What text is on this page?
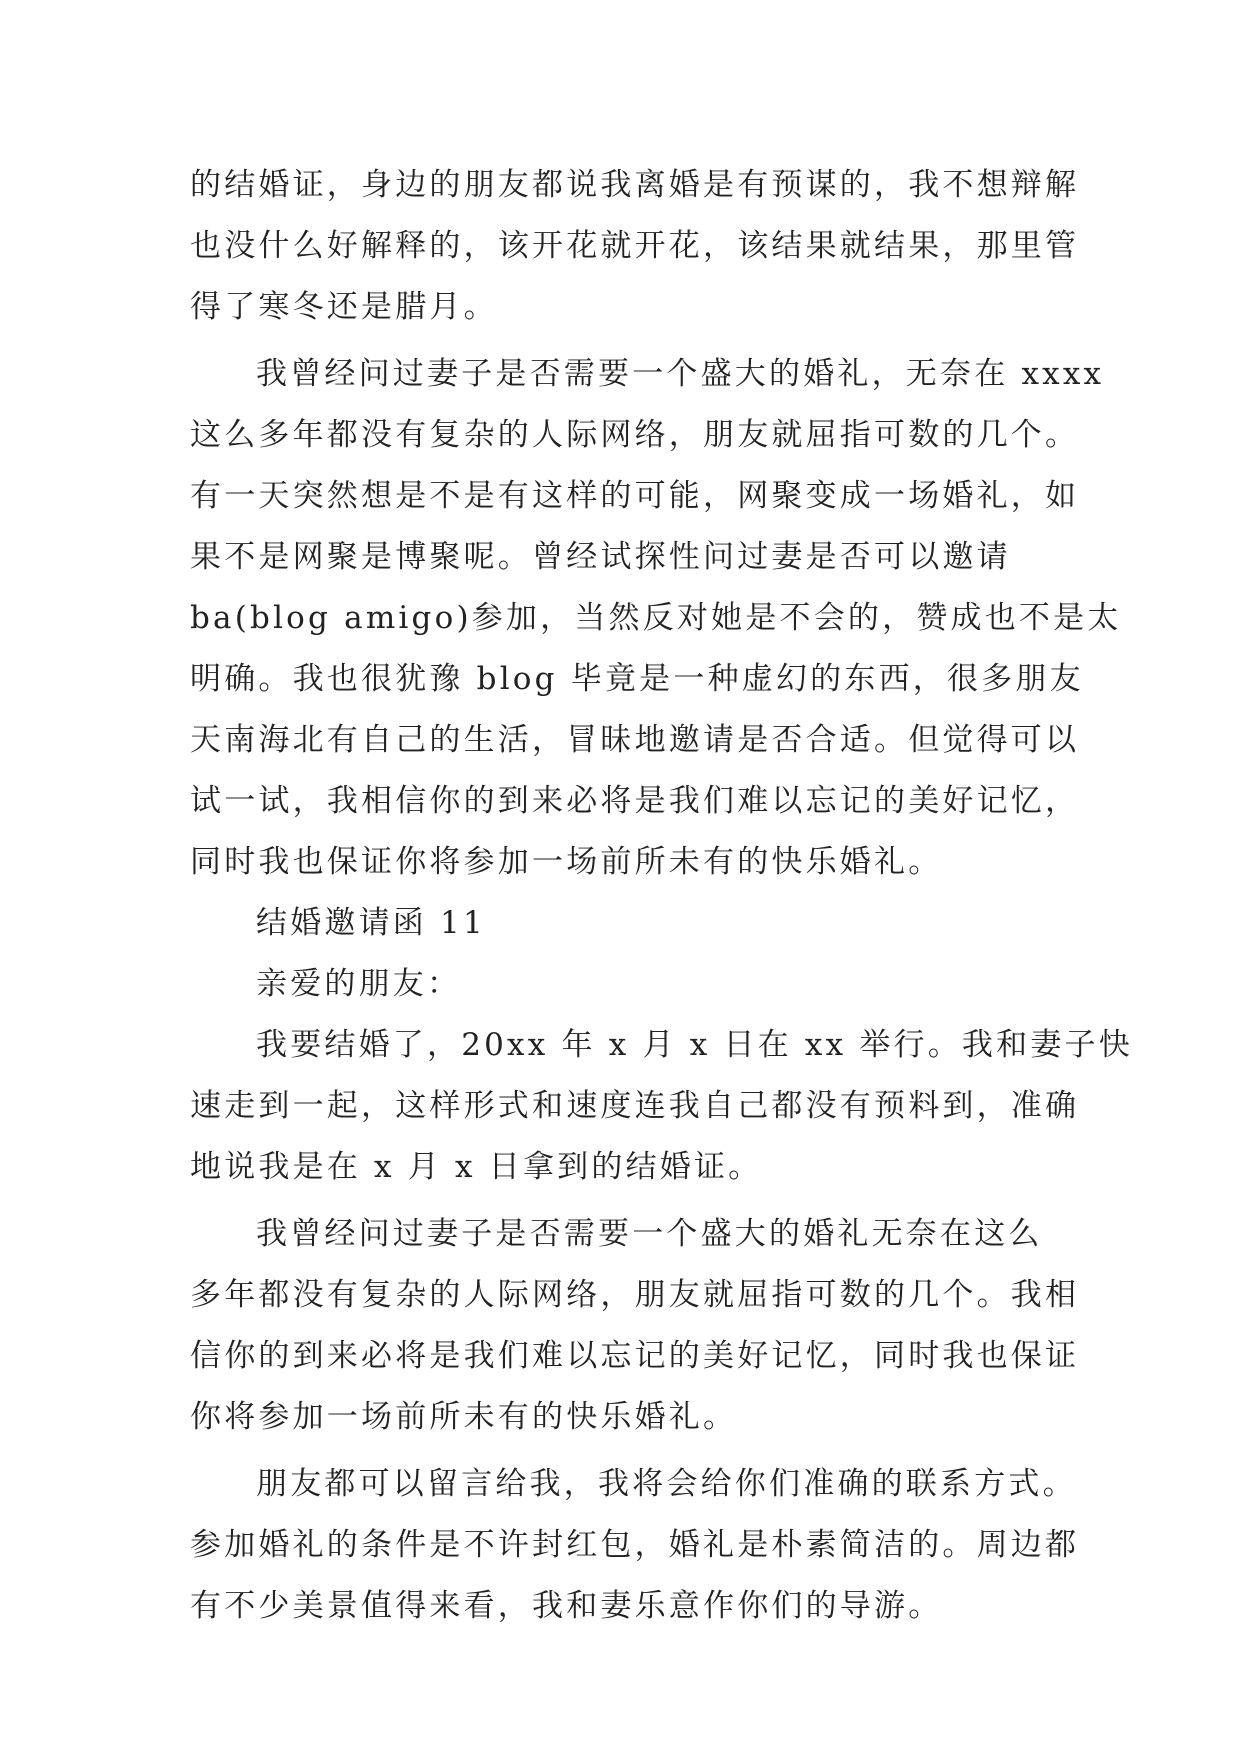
的结婚证，身边的朋友都说我离婚是有预谋的，我不想辩解
也没什么好解释的，该开花就开花，该结果就结果，那里管
得了寒冬还是腊月。
我曾经问过妻子是否需要一个盛大的婚礼，无奈在 xxxx
这么多年都没有复杂的人际网络，朋友就屈指可数的几个。
有一天突然想是不是有这样的可能，网聚变成一场婚礼，如
果不是网聚是博聚呢。曾经试探性问过妻是否可以邀请
ba(blog amigo)参加，当然反对她是不会的，赞成也不是太
明确。我也很犹豫 blog 毕竟是一种虚幻的东西，很多朋友
天南海北有自己的生活，冒昧地邀请是否合适。但觉得可以
试一试，我相信你的到来必将是我们难以忘记的美好记忆，
同时我也保证你将参加一场前所未有的快乐婚礼。
结婚邀请函 11
亲爱的朋友：
我要结婚了，20xx 年 x 月 x 日在 xx 举行。我和妻子快
速走到一起，这样形式和速度连我自己都没有预料到，准确
地说我是在 x 月 x 日拿到的结婚证。
我曾经问过妻子是否需要一个盛大的婚礼无奈在这么
多年都没有复杂的人际网络，朋友就屈指可数的几个。我相
信你的到来必将是我们难以忘记的美好记忆，同时我也保证
你将参加一场前所未有的快乐婚礼。
朋友都可以留言给我，我将会给你们准确的联系方式。
参加婚礼的条件是不许封红包，婚礼是朴素简洁的。周边都
有不少美景值得来看，我和妻乐意作你们的导游。
